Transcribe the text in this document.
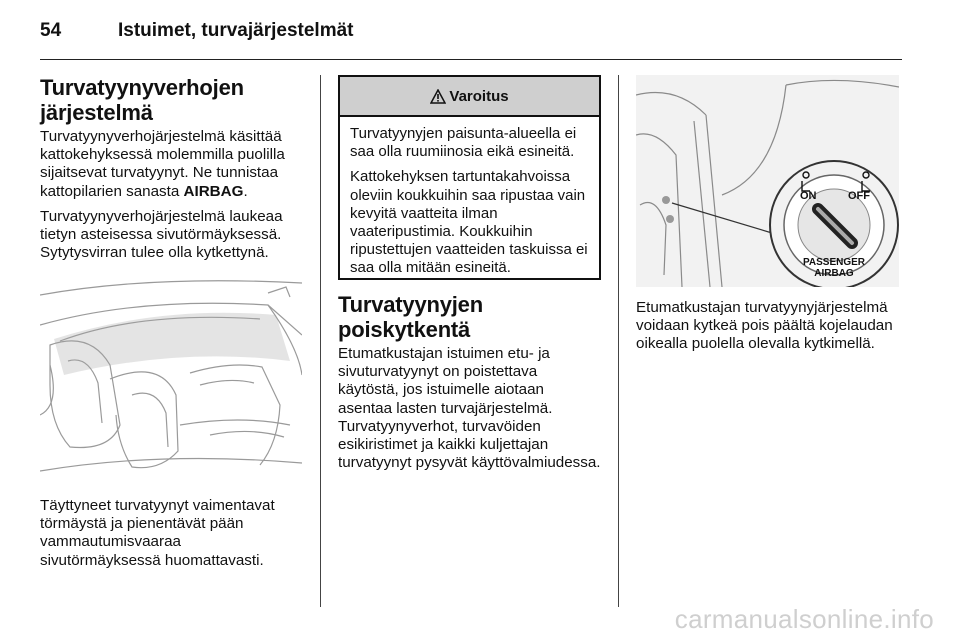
54	Istuimet, turvajärjestelmät
Turvatyynyverhojen
järjestelmä

Turvatyynyverhojärjestelmä käsittää kattokehyksessä molemmilla puolilla sijaitsevat turvatyynyt. Ne tunnistaa kattopilarien sanasta AIRBAG.

Turvatyynyverhojärjestelmä laukeaa tietyn asteisessa sivutörmäyksessä. Sytytysvirran tulee olla kytkettynä.

Täyttyneet turvatyynyt vaimentavat törmäystä ja pienentävät pään vammautumisvaaraa sivutörmäyksessä huomattavasti.

Varoitus

Turvatyynyjen paisunta-alueella ei saa olla ruumiinosia eikä esineitä.

Kattokehyksen tartuntakahvoissa oleviin koukkuihin saa ripustaa vain kevyitä vaatteita ilman vaateripustimia. Koukkuihin ripustettujen vaatteiden taskuissa ei saa olla mitään esineitä.

Turvatyynyjen
poiskytkentä

Etumatkustajan istuimen etu- ja sivuturvatyynyt on poistettava käytöstä, jos istuimelle aiotaan asentaa lasten turvajärjestelmä. Turvatyynyverhot, turvavöiden esikiristimet ja kaikki kuljettajan turvatyynyt pysyvät käyttövalmiudessa.

ON	OFF
PASSENGER
AIRBAG

Etumatkustajan turvatyynyjärjestelmä voidaan kytkeä pois päältä kojelaudan oikealla puolella olevalla kytkimellä.

carmanualsonline.info
